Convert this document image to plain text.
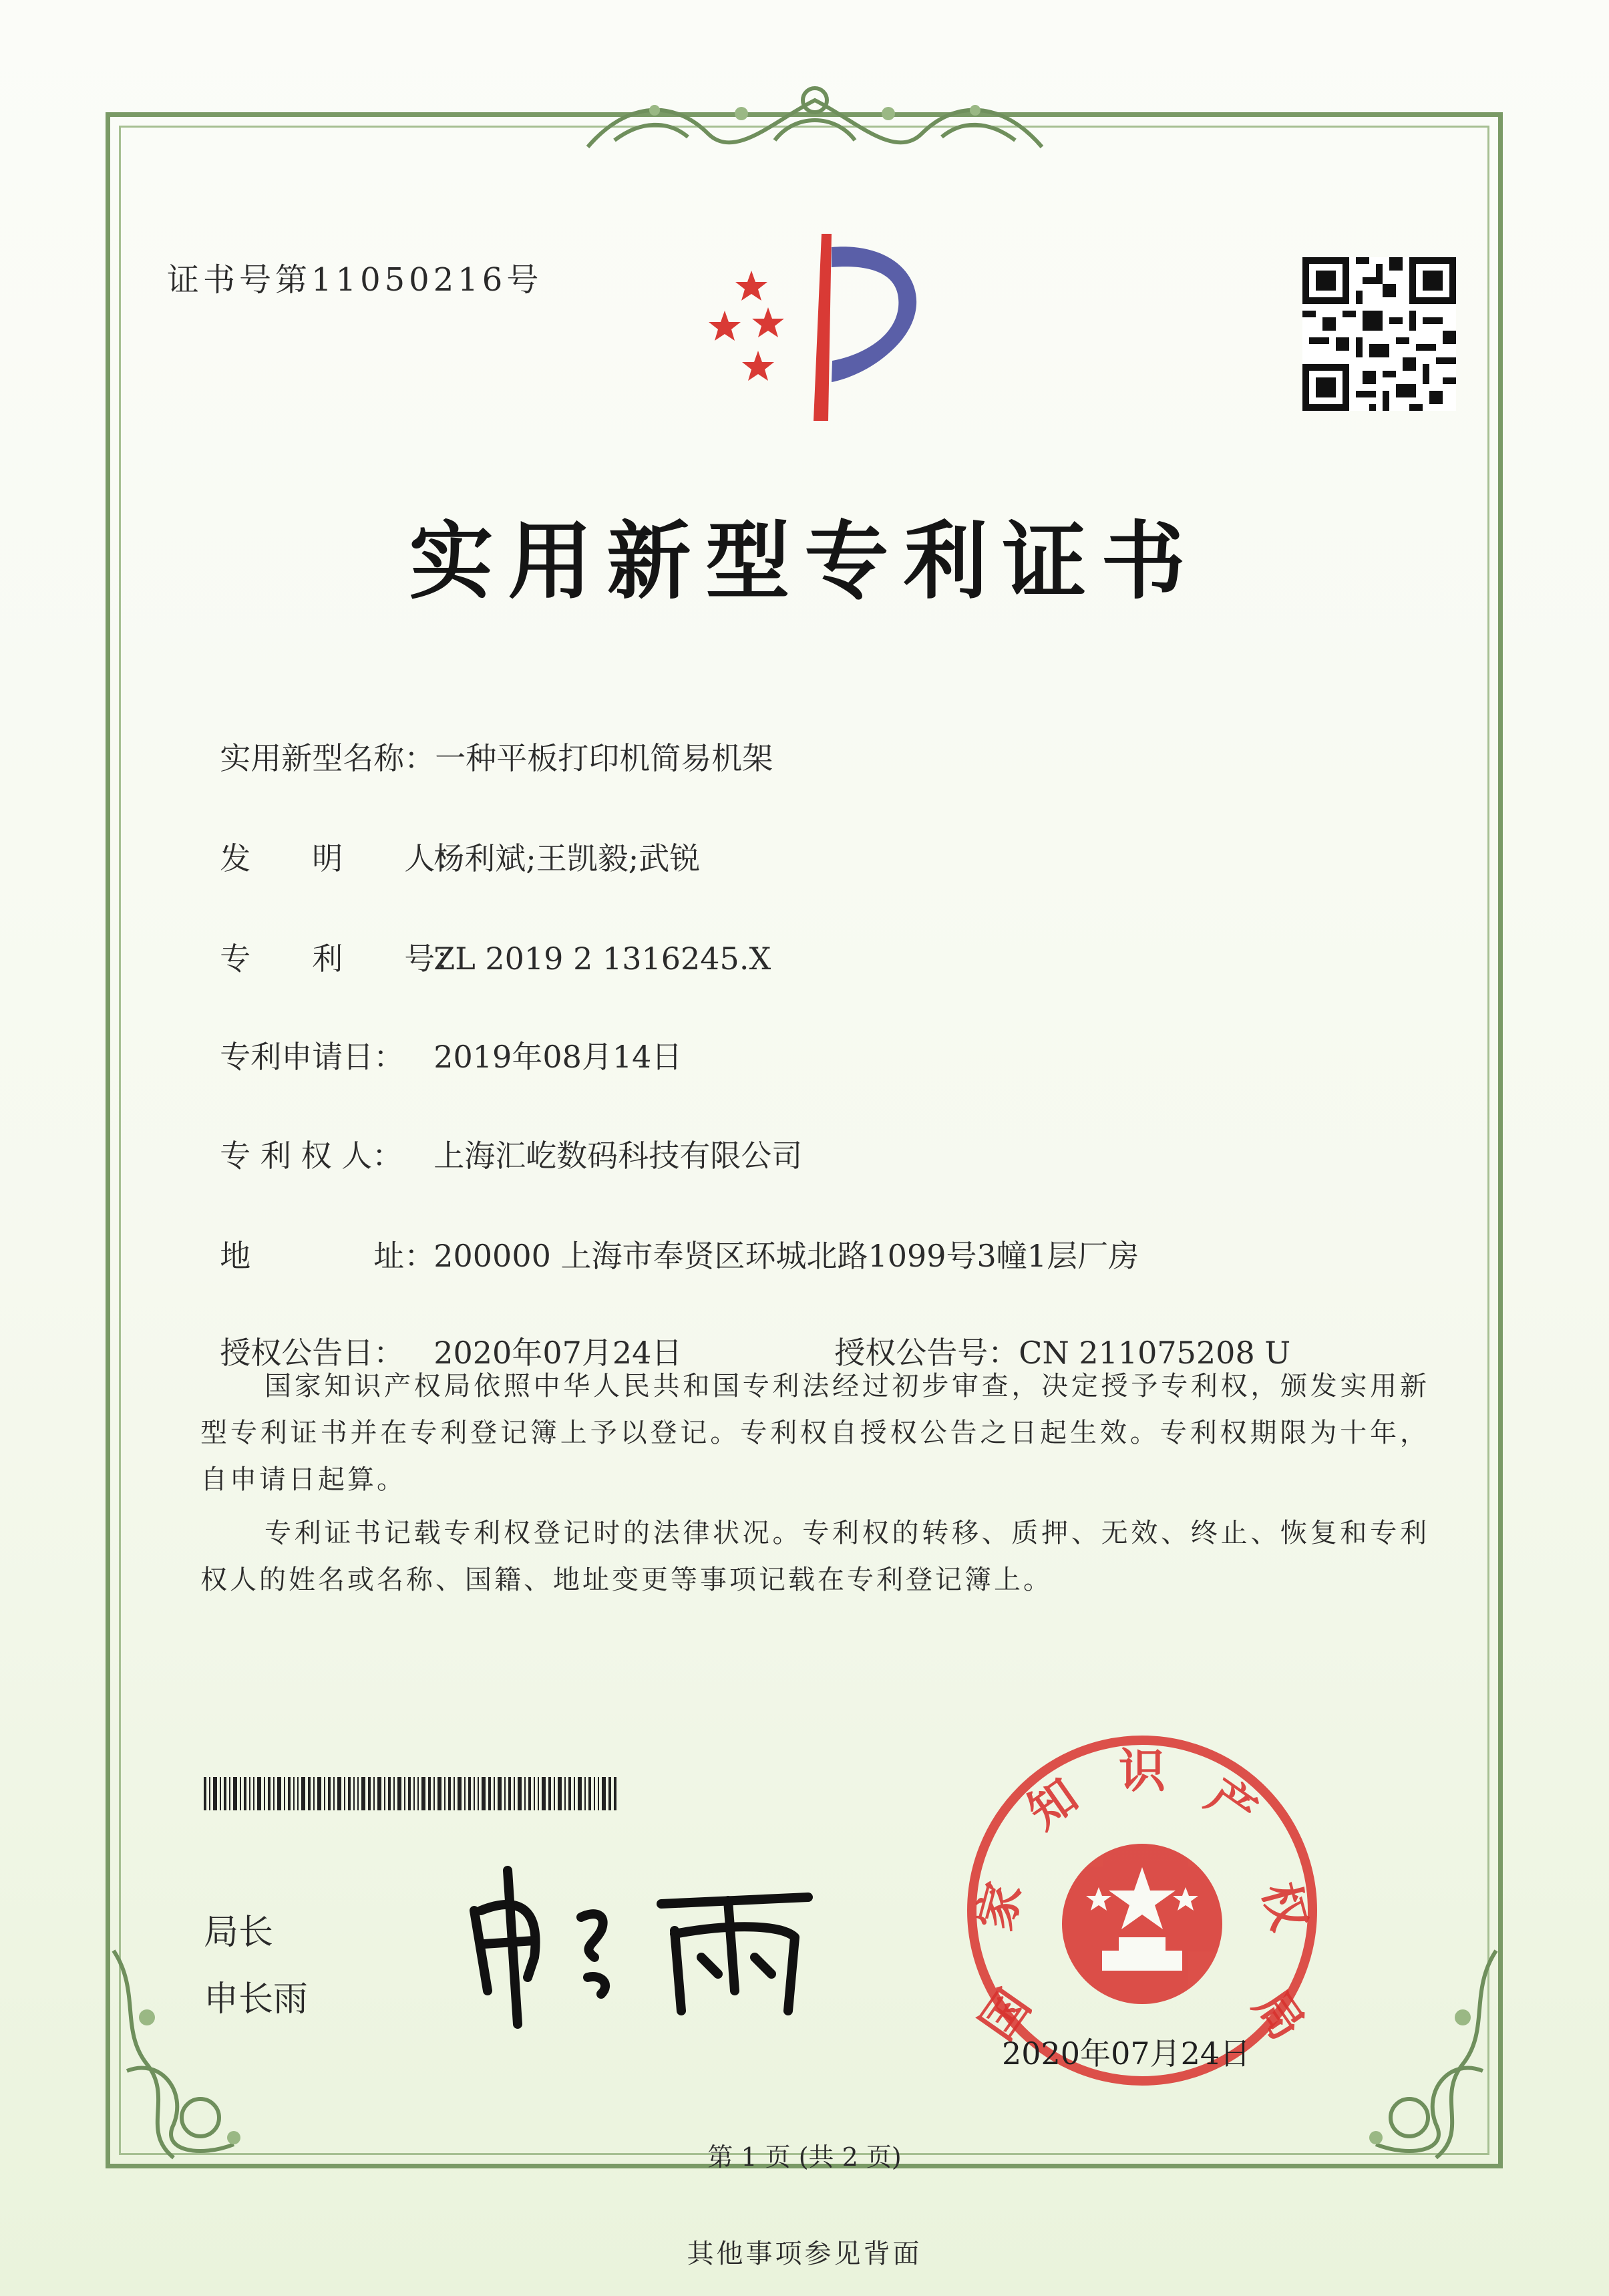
证书号第11050216号
实用新型专利证书

实用新型名称：一种平板打印机简易机架

发　　明　　人：杨利斌;王凯毅;武锐

专　　利　　号：ZL 2019 2 1316245.X

专利申请日： 2019年08月14日

专 利 权 人： 上海汇屹数码科技有限公司

地　　　　址：200000 上海市奉贤区环城北路1099号3幢1层厂房

授权公告日： 2020年07月24日	授权公告号：CN 211075208 U

国家知识产权局依照中华人民共和国专利法经过初步审查，决定授予专利权，颁发实用新型专利证书并在专利登记簿上予以登记。专利权自授权公告之日起生效。专利权期限为十年，自申请日起算。
专利证书记载专利权登记时的法律状况。专利权的转移、质押、无效、终止、恢复和专利权人的姓名或名称、国籍、地址变更等事项记载在专利登记簿上。
局长
申长雨	国
家
知 识 产
权
局
2020年07月24日
第 1 页 (共 2 页)
其他事项参见背面
